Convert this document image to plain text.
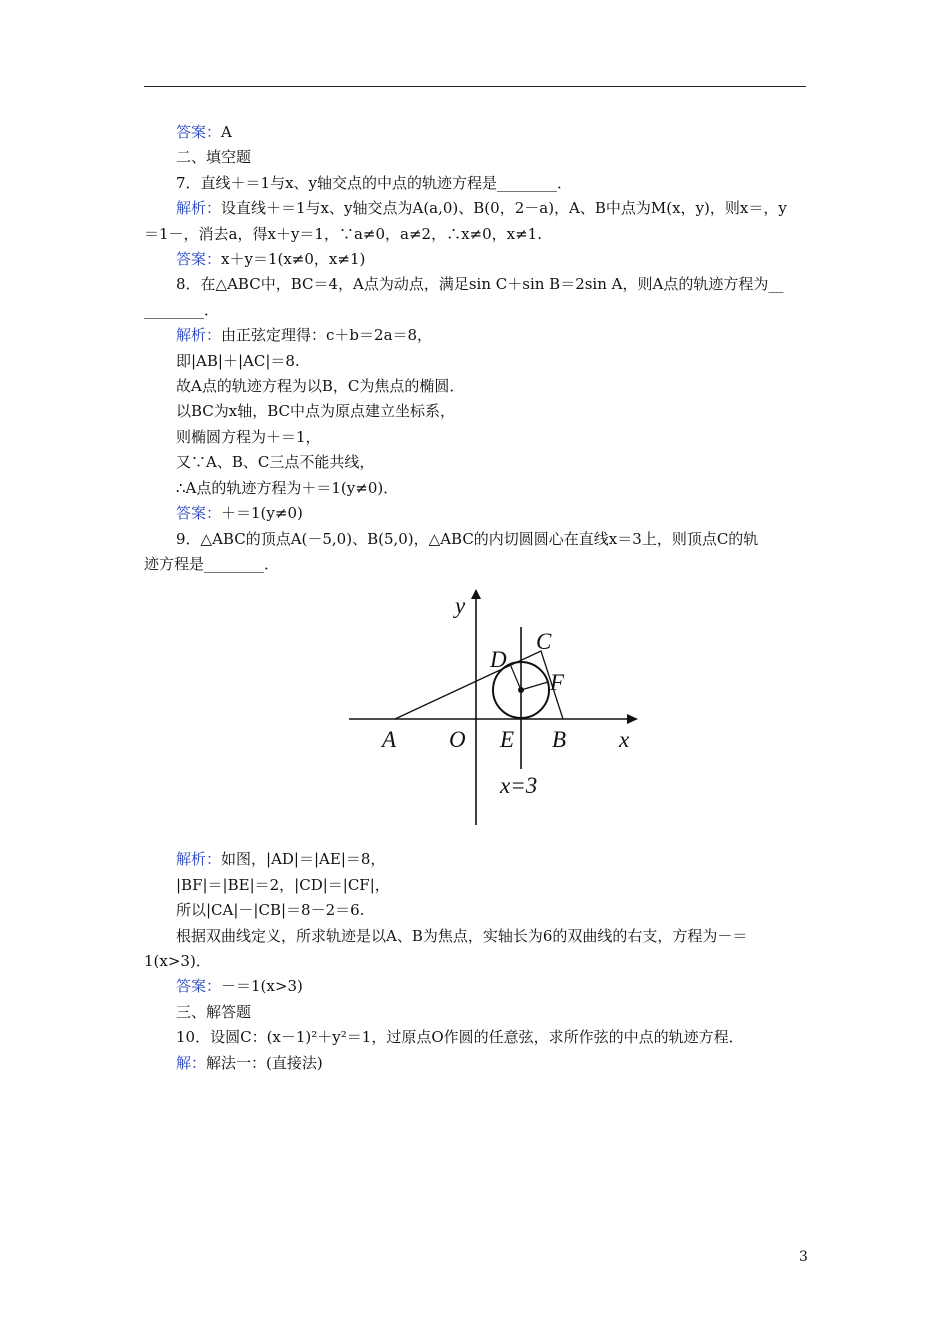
答案：A
二、填空题
7．直线＋＝1与x、y轴交点的中点的轨迹方程是________．
解析：设直线＋＝1与x、y轴交点为A(a,0)、B(0，2－a)，A、B中点为M(x，y)，则x＝，y
＝1－，消去a，得x＋y＝1，∵a≠0，a≠2，∴x≠0，x≠1.
答案：x＋y＝1(x≠0，x≠1)
8．在△ABC中，BC＝4，A点为动点，满足sin C＋sin B＝2sin A，则A点的轨迹方程为__
________．
解析：由正弦定理得：c＋b＝2a＝8，
即|AB|＋|AC|＝8.
故A点的轨迹方程为以B，C为焦点的椭圆．
以BC为x轴，BC中点为原点建立坐标系，
则椭圆方程为＋＝1，
又∵A、B、C三点不能共线，
∴A点的轨迹方程为＋＝1(y≠0)．
答案：＋＝1(y≠0)
9．△ABC的顶点A(－5,0)、B(5,0)，△ABC的内切圆圆心在直线x＝3上，则顶点C的轨
迹方程是________．
y
x
A O E B
C
D
F
x=3
解析：如图，|AD|＝|AE|＝8，
|BF|＝|BE|＝2，|CD|＝|CF|，
所以|CA|－|CB|＝8－2＝6.
根据双曲线定义，所求轨迹是以A、B为焦点，实轴长为6的双曲线的右支，方程为－＝
1(x>3)．
答案：－＝1(x>3)
三、解答题
10．设圆C：(x－1)²＋y²＝1，过原点O作圆的任意弦，求所作弦的中点的轨迹方程．
解：解法一：(直接法)
3
